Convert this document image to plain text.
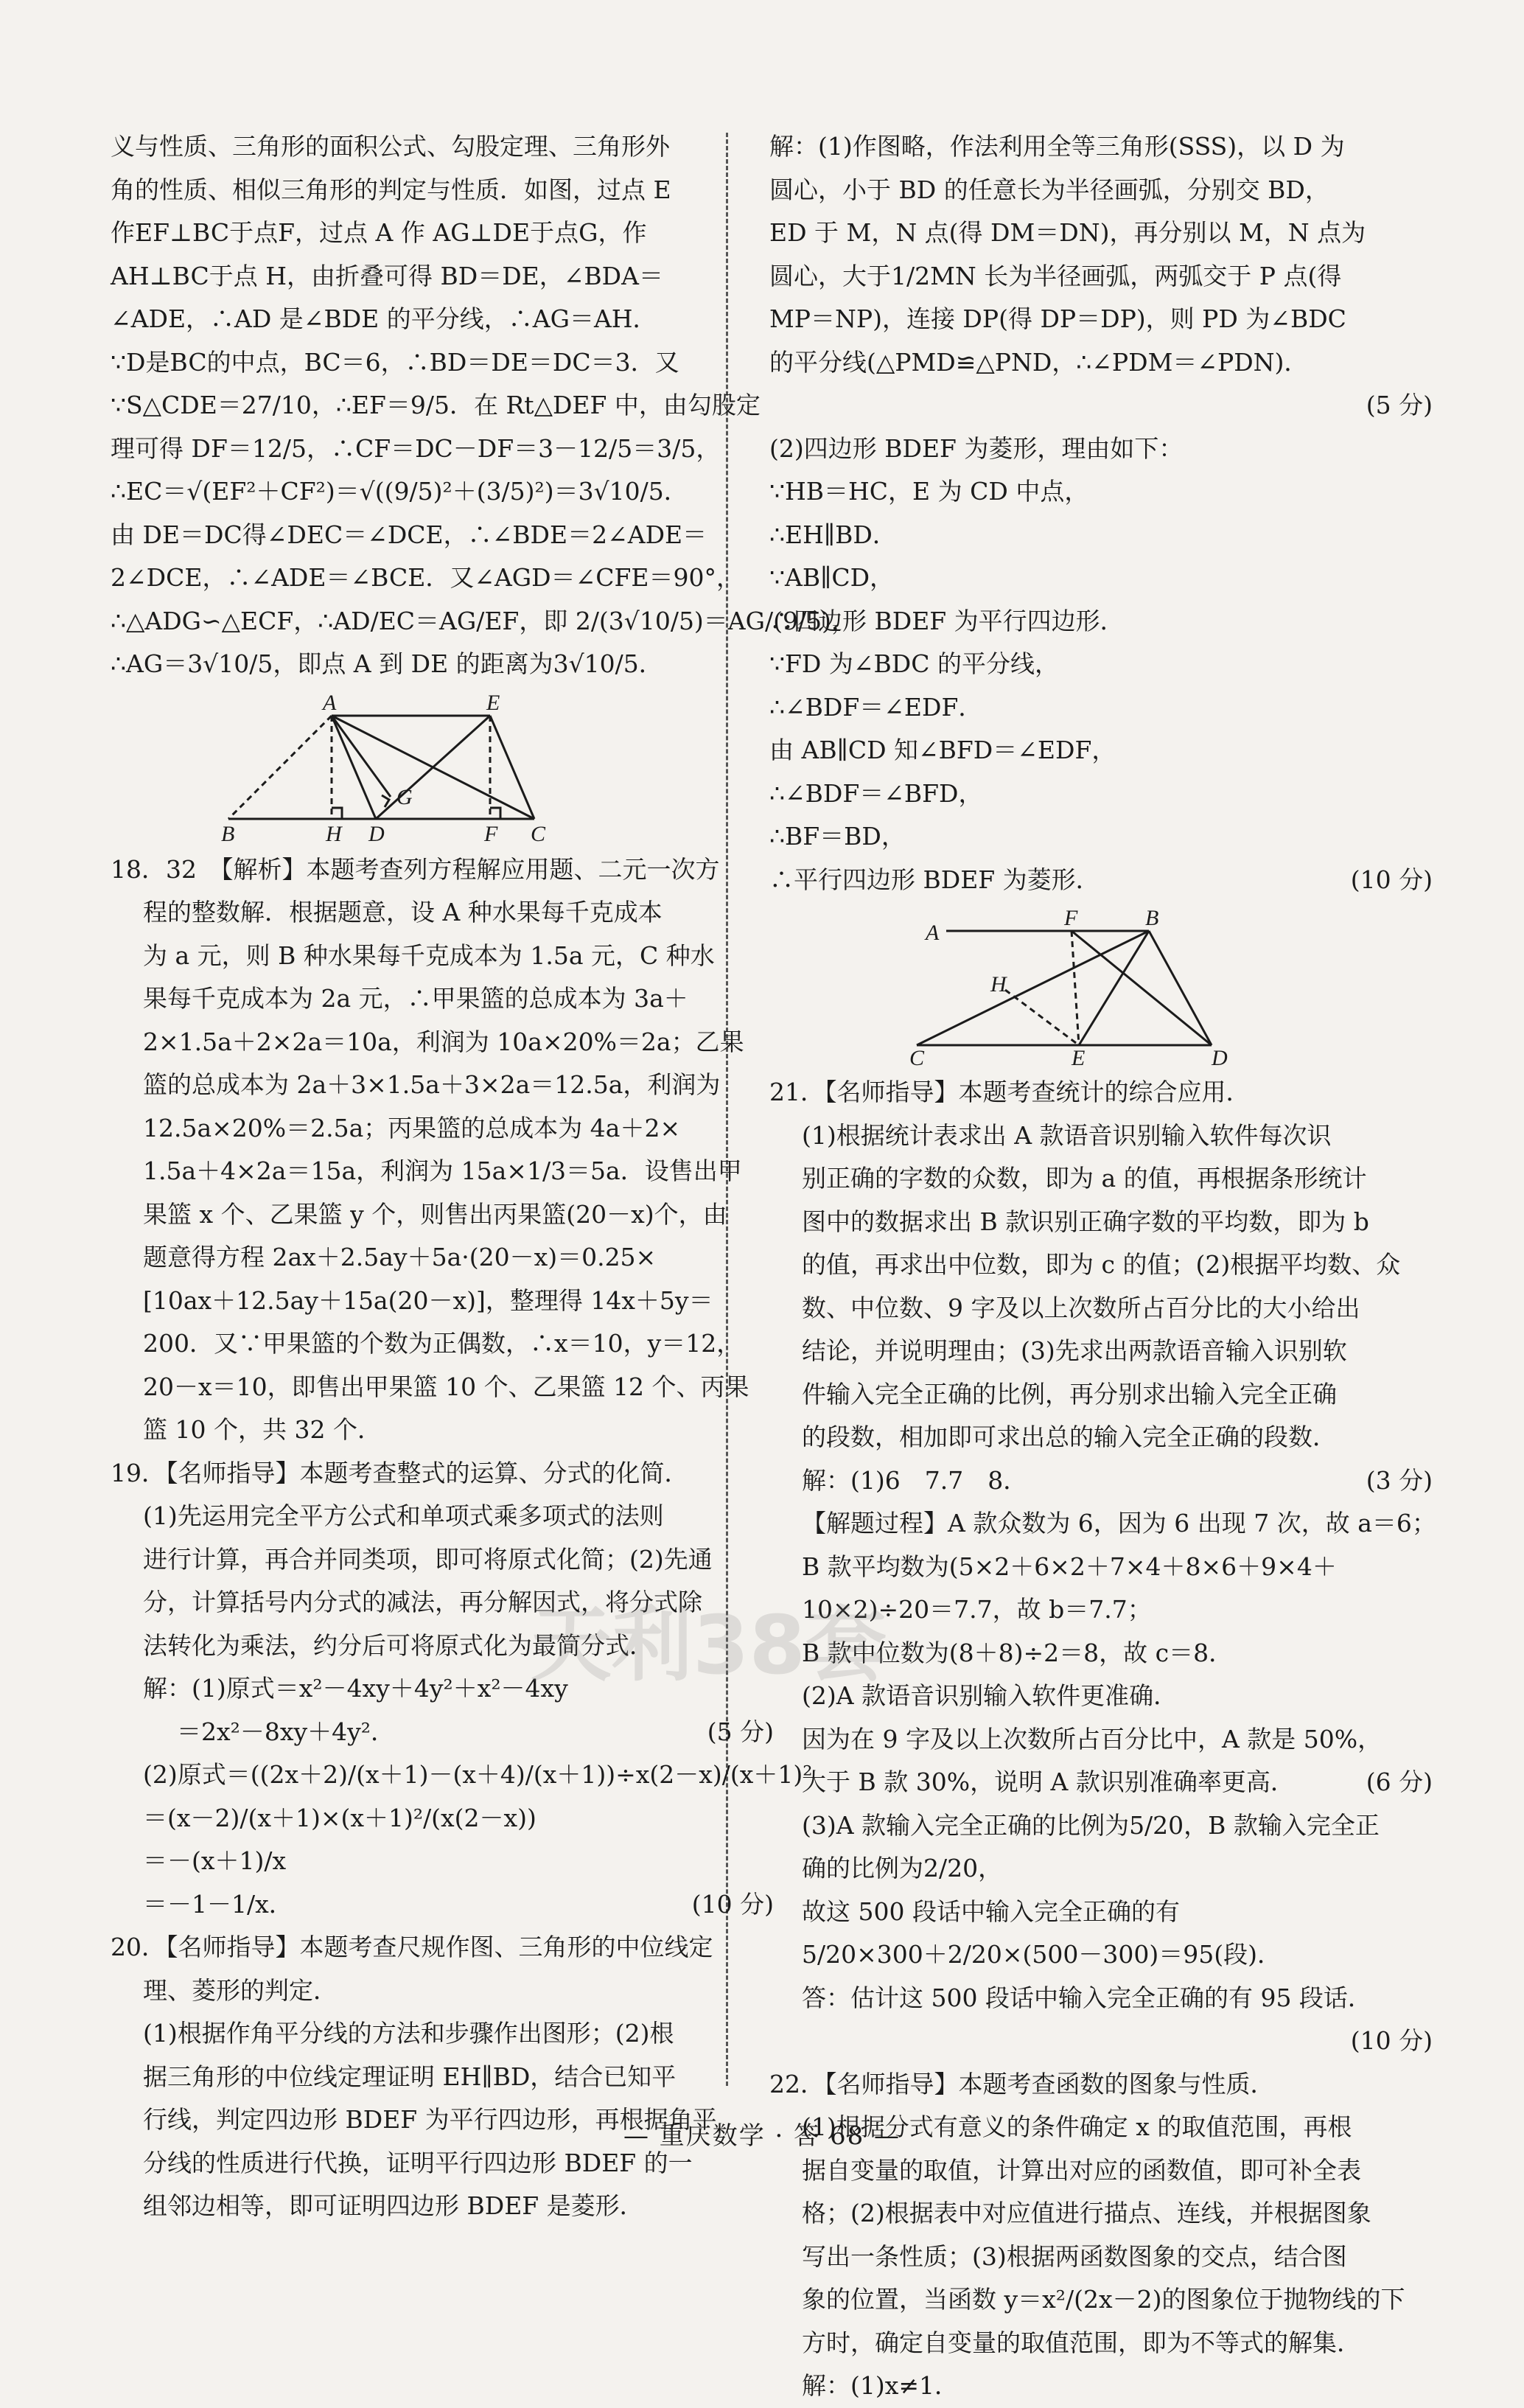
义与性质、三角形的面积公式、勾股定理、三角形外
角的性质、相似三角形的判定与性质．如图，过点 E
作EF⊥BC于点F，过点 A 作 AG⊥DE于点G，作
AH⊥BC于点 H，由折叠可得 BD＝DE，∠BDA＝
∠ADE，∴AD 是∠BDE 的平分线，∴AG＝AH．
∵D是BC的中点，BC＝6，∴BD＝DE＝DC＝3．又
∵S△CDE＝27/10，∴EF＝9/5．在 Rt△DEF 中，由勾股定
理可得 DF＝12/5，∴CF＝DC－DF＝3－12/5＝3/5，
∴EC＝√(EF²＋CF²)＝√((9/5)²＋(3/5)²)＝3√10/5．
由 DE＝DC得∠DEC＝∠DCE，∴∠BDE＝2∠ADE＝
2∠DCE，∴∠ADE＝∠BCE．又∠AGD＝∠CFE＝90°，
∴△ADG∽△ECF，∴AD/EC＝AG/EF，即 2/(3√10/5)＝AG/(9/5)，
∴AG＝3√10/5，即点 A 到 DE 的距离为3√10/5．
A	E
B	H D
G
F C
18．32　【解析】本题考查列方程解应用题、二元一次方
程的整数解．根据题意，设 A 种水果每千克成本
为 a 元，则 B 种水果每千克成本为 1.5a 元，C 种水
果每千克成本为 2a 元，∴甲果篮的总成本为 3a＋
2×1.5a＋2×2a＝10a，利润为 10a×20%＝2a；乙果
篮的总成本为 2a＋3×1.5a＋3×2a＝12.5a，利润为
12.5a×20%＝2.5a；丙果篮的总成本为 4a＋2×
1.5a＋4×2a＝15a，利润为 15a×1/3＝5a．设售出甲
果篮 x 个、乙果篮 y 个，则售出丙果篮(20－x)个，由
题意得方程 2ax＋2.5ay＋5a·(20－x)＝0.25×
[10ax＋12.5ay＋15a(20－x)]，整理得 14x＋5y＝
200．又∵甲果篮的个数为正偶数，∴x＝10，y＝12，
20－x＝10，即售出甲果篮 10 个、乙果篮 12 个、丙果
篮 10 个，共 32 个．
19．【名师指导】本题考查整式的运算、分式的化简．
(1)先运用完全平方公式和单项式乘多项式的法则
进行计算，再合并同类项，即可将原式化简；(2)先通
分，计算括号内分式的减法，再分解因式，将分式除
法转化为乘法，约分后可将原式化为最简分式．
解：(1)原式＝x²－4xy＋4y²＋x²－4xy
(5 分)
＝2x²－8xy＋4y²．
(2)原式＝((2x＋2)/(x＋1)－(x＋4)/(x＋1))÷x(2－x)/(x＋1)²
＝(x－2)/(x＋1)×(x＋1)²/(x(2－x))
＝－(x＋1)/x
(10 分)
＝－1－1/x．
20．【名师指导】本题考查尺规作图、三角形的中位线定
理、菱形的判定．
(1)根据作角平分线的方法和步骤作出图形；(2)根
据三角形的中位线定理证明 EH∥BD，结合已知平
行线，判定四边形 BDEF 为平行四边形，再根据角平
分线的性质进行代换，证明平行四边形 BDEF 的一
组邻边相等，即可证明四边形 BDEF 是菱形．
解：(1)作图略，作法利用全等三角形(SSS)，以 D 为
圆心，小于 BD 的任意长为半径画弧，分别交 BD，
ED 于 M，N 点(得 DM＝DN)，再分别以 M，N 点为
圆心，大于1/2MN 长为半径画弧，两弧交于 P 点(得
MP＝NP)，连接 DP(得 DP＝DP)，则 PD 为∠BDC
的平分线(△PMD≌△PND，∴∠PDM＝∠PDN)．
(5 分)
(2)四边形 BDEF 为菱形，理由如下：
∵HB＝HC，E 为 CD 中点，
∴EH∥BD．
∵AB∥CD，
∴四边形 BDEF 为平行四边形．
∵FD 为∠BDC 的平分线，
∴∠BDF＝∠EDF．
由 AB∥CD 知∠BFD＝∠EDF，
∴∠BDF＝∠BFD，
∴BF＝BD，
(10 分)
∴平行四边形 BDEF 为菱形．
A
F	B
H
C	E	D
21．【名师指导】本题考查统计的综合应用．
(1)根据统计表求出 A 款语音识别输入软件每次识
别正确的字数的众数，即为 a 的值，再根据条形统计
图中的数据求出 B 款识别正确字数的平均数，即为 b
的值，再求出中位数，即为 c 的值；(2)根据平均数、众
数、中位数、9 字及以上次数所占百分比的大小给出
结论，并说明理由；(3)先求出两款语音输入识别软
件输入完全正确的比例，再分别求出输入完全正确
的段数，相加即可求出总的输入完全正确的段数．
(3 分)
解：(1)6　7.7　8．
【解题过程】A 款众数为 6，因为 6 出现 7 次，故 a＝6；
B 款平均数为(5×2＋6×2＋7×4＋8×6＋9×4＋
10×2)÷20＝7.7，故 b＝7.7；
B 款中位数为(8＋8)÷2＝8，故 c＝8．
(2)A 款语音识别输入软件更准确．
因为在 9 字及以上次数所占百分比中，A 款是 50%，
(6 分)
大于 B 款 30%，说明 A 款识别准确率更高．
(3)A 款输入完全正确的比例为5/20，B 款输入完全正
确的比例为2/20，
故这 500 段话中输入完全正确的有
5/20×300＋2/20×(500－300)＝95(段)．
答：估计这 500 段话中输入完全正确的有 95 段话．
(10 分)
22．【名师指导】本题考查函数的图象与性质．
(1)根据分式有意义的条件确定 x 的取值范围，再根
据自变量的取值，计算出对应的函数值，即可补全表
格；(2)根据表中对应值进行描点、连线，并根据图象
写出一条性质；(3)根据两函数图象的交点，结合图
象的位置，当函数 y＝x²/(2x－2)的图象位于抛物线的下
方时，确定自变量的取值范围，即为不等式的解集．
解：(1)x≠1．
天利38套
— 重庆数学 · 答 68 —
